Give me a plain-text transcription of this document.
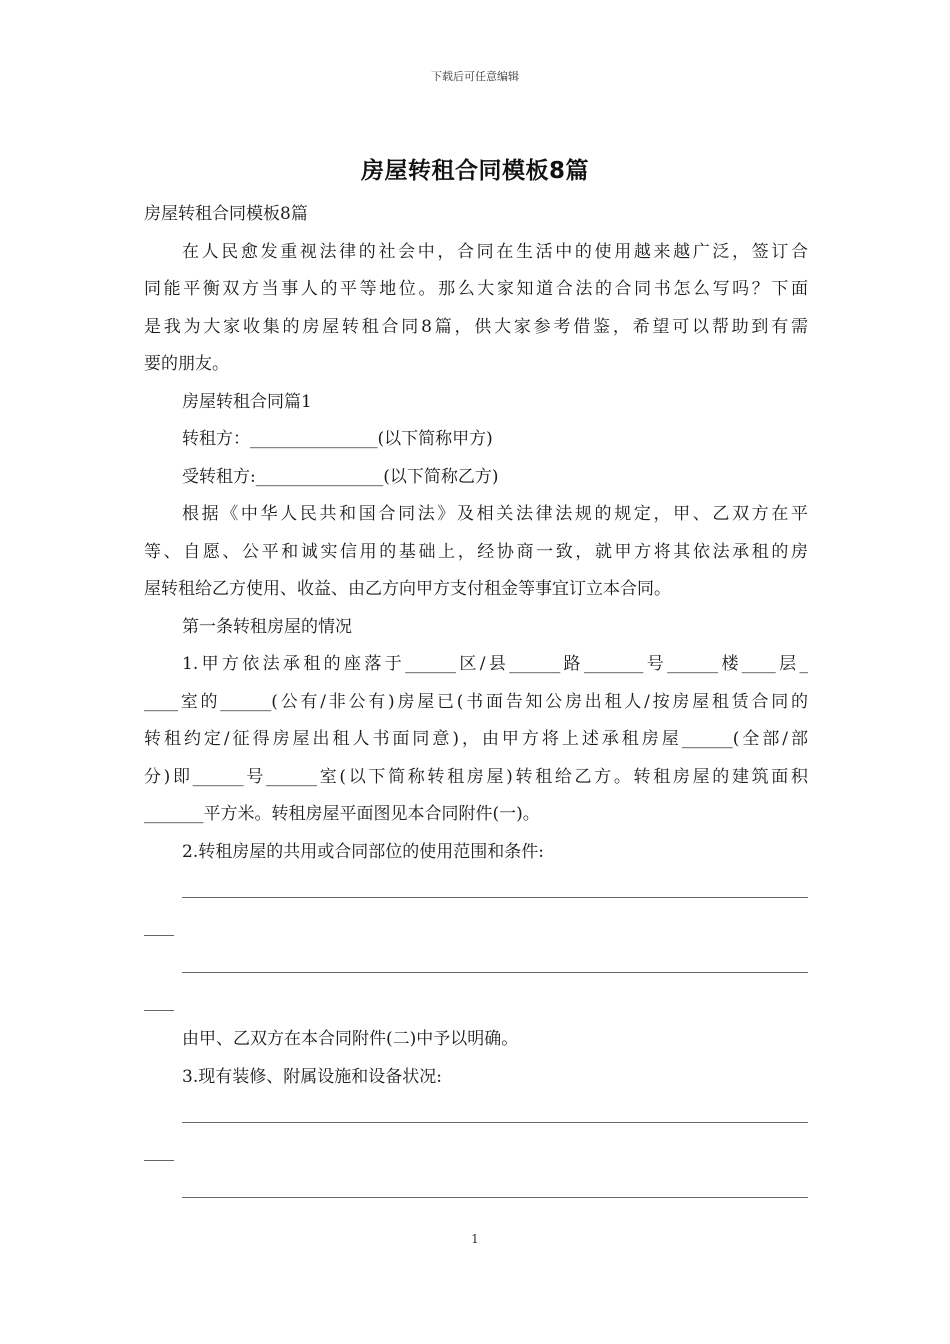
下载后可任意编辑
房屋转租合同模板8篇
房屋转租合同模板8篇
在人民愈发重视法律的社会中，合同在生活中的使用越来越广泛，签订合
同能平衡双方当事人的平等地位。那么大家知道合法的合同书怎么写吗？下面
是我为大家收集的房屋转租合同8篇，供大家参考借鉴，希望可以帮助到有需
要的朋友。
房屋转租合同篇1
转租方：_______________(以下简称甲方)
受转租方:_______________(以下简称乙方)
根据《中华人民共和国合同法》及相关法律法规的规定，甲、乙双方在平
等、自愿、公平和诚实信用的基础上，经协商一致，就甲方将其依法承租的房
屋转租给乙方使用、收益、由乙方向甲方支付租金等事宜订立本合同。
第一条转租房屋的情况
1.甲方依法承租的座落于______区/县______路_______号______楼____层_
____室的______(公有/非公有)房屋已(书面告知公房出租人/按房屋租赁合同的
转租约定/征得房屋出租人书面同意)，由甲方将上述承租房屋______(全部/部
分)即______号______室(以下简称转租房屋)转租给乙方。转租房屋的建筑面积
_______平方米。转租房屋平面图见本合同附件(一)。
2.转租房屋的共用或合同部位的使用范围和条件:
由甲、乙双方在本合同附件(二)中予以明确。
3.现有装修、附属设施和设备状况:
1
